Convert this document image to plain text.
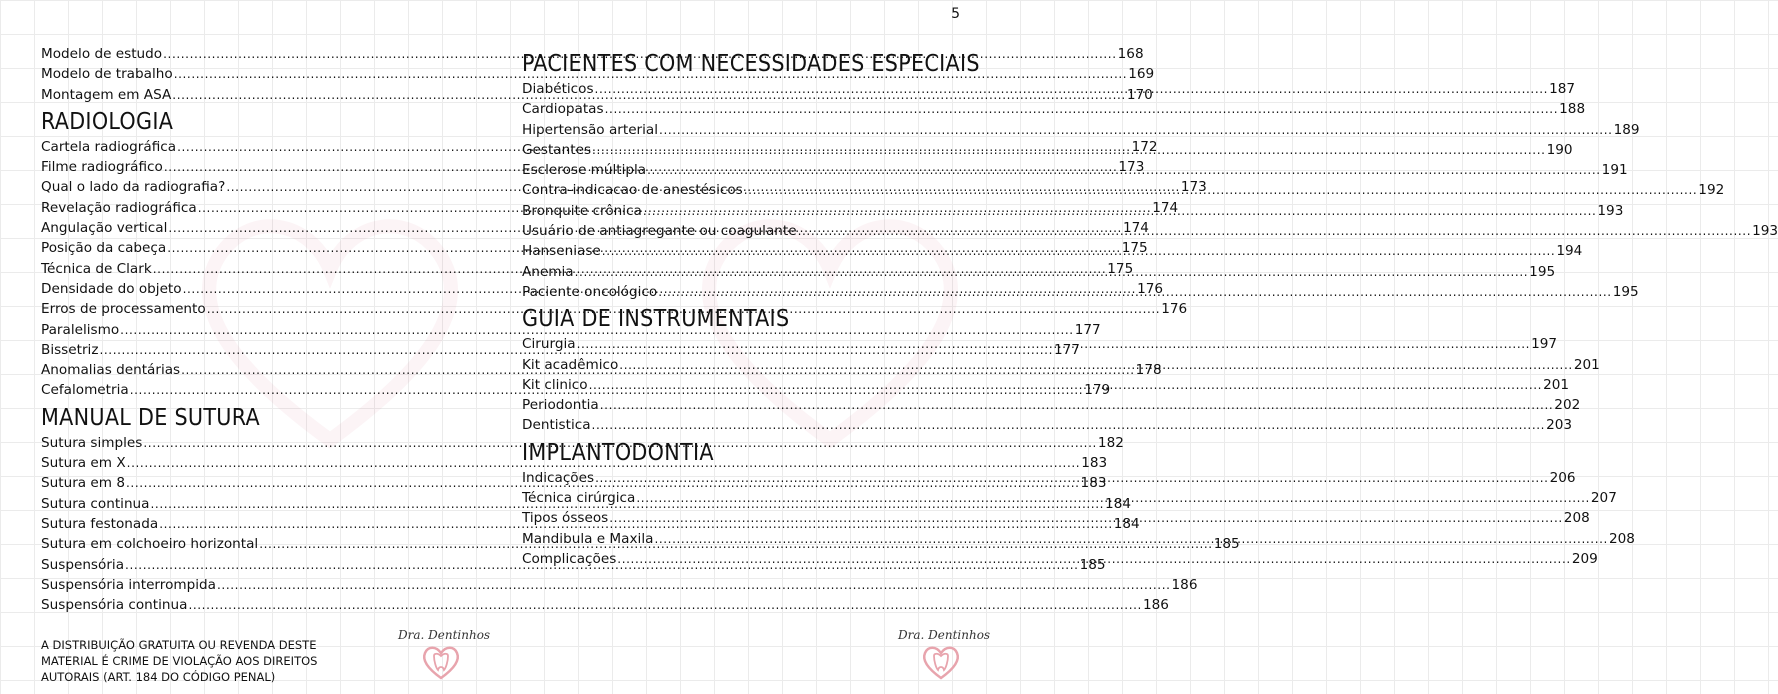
5
Modelo de estudo .....	168
Modelo de trabalho .....	169
Montagem em ASA .....	170
RADIOLOGIA
Cartela radiográfica .....	172
Filme radiográfico .....	173
Qual o lado da radiografia? .....	173
Revelação radiográfica .....	174
Angulação vertical .....	174
Posição da cabeça .....	175
Técnica de Clark .....	175
Densidade do objeto .....	176
Erros de processamento .....	176
Paralelismo .....	177
Bissetriz .....	177
Anomalias dentárias .....	178
Cefalometria .....	179
MANUAL DE SUTURA
Sutura simples .....	182
Sutura em X .....	183
Sutura em 8 .....	183
Sutura continua .....	184
Sutura festonada .....	184
Sutura em colchoeiro horizontal .....	185
Suspensória .....	185
Suspensória interrompida .....	186
Suspensória continua .....	186
A DISTRIBUIÇÃO GRATUITA OU REVENDA DESTE MATERIAL É CRIME DE VIOLAÇÃO AOS DIREITOS AUTORAIS (ART. 184 DO CÓDIGO PENAL)
PACIENTES COM NECESSIDADES ESPECIAIS
Diabéticos .....	187
Cardiopatas .....	188
Hipertensão arterial .....	189
Gestantes .....	190
Esclerose múltipla .....	191
Contra-indicacao de anestésicos .....	192
Bronquite crônica .....	193
Usuário de antiagregante ou coagulante .....	193
Hanseniase .....	194
Anemia .....	195
Paciente oncológico .....	195
GUIA DE INSTRUMENTAIS
Cirurgia .....	197
Kit acadêmico .....	201
Kit clinico .....	201
Periodontia .....	202
Dentistica .....	203
IMPLANTODONTIA
Indicações .....	206
Técnica cirúrgica .....	207
Tipos ósseos .....	208
Mandibula e Maxila .....	208
Complicações .....	209
Dra. Dentinhos	Dra. Dentinhos
